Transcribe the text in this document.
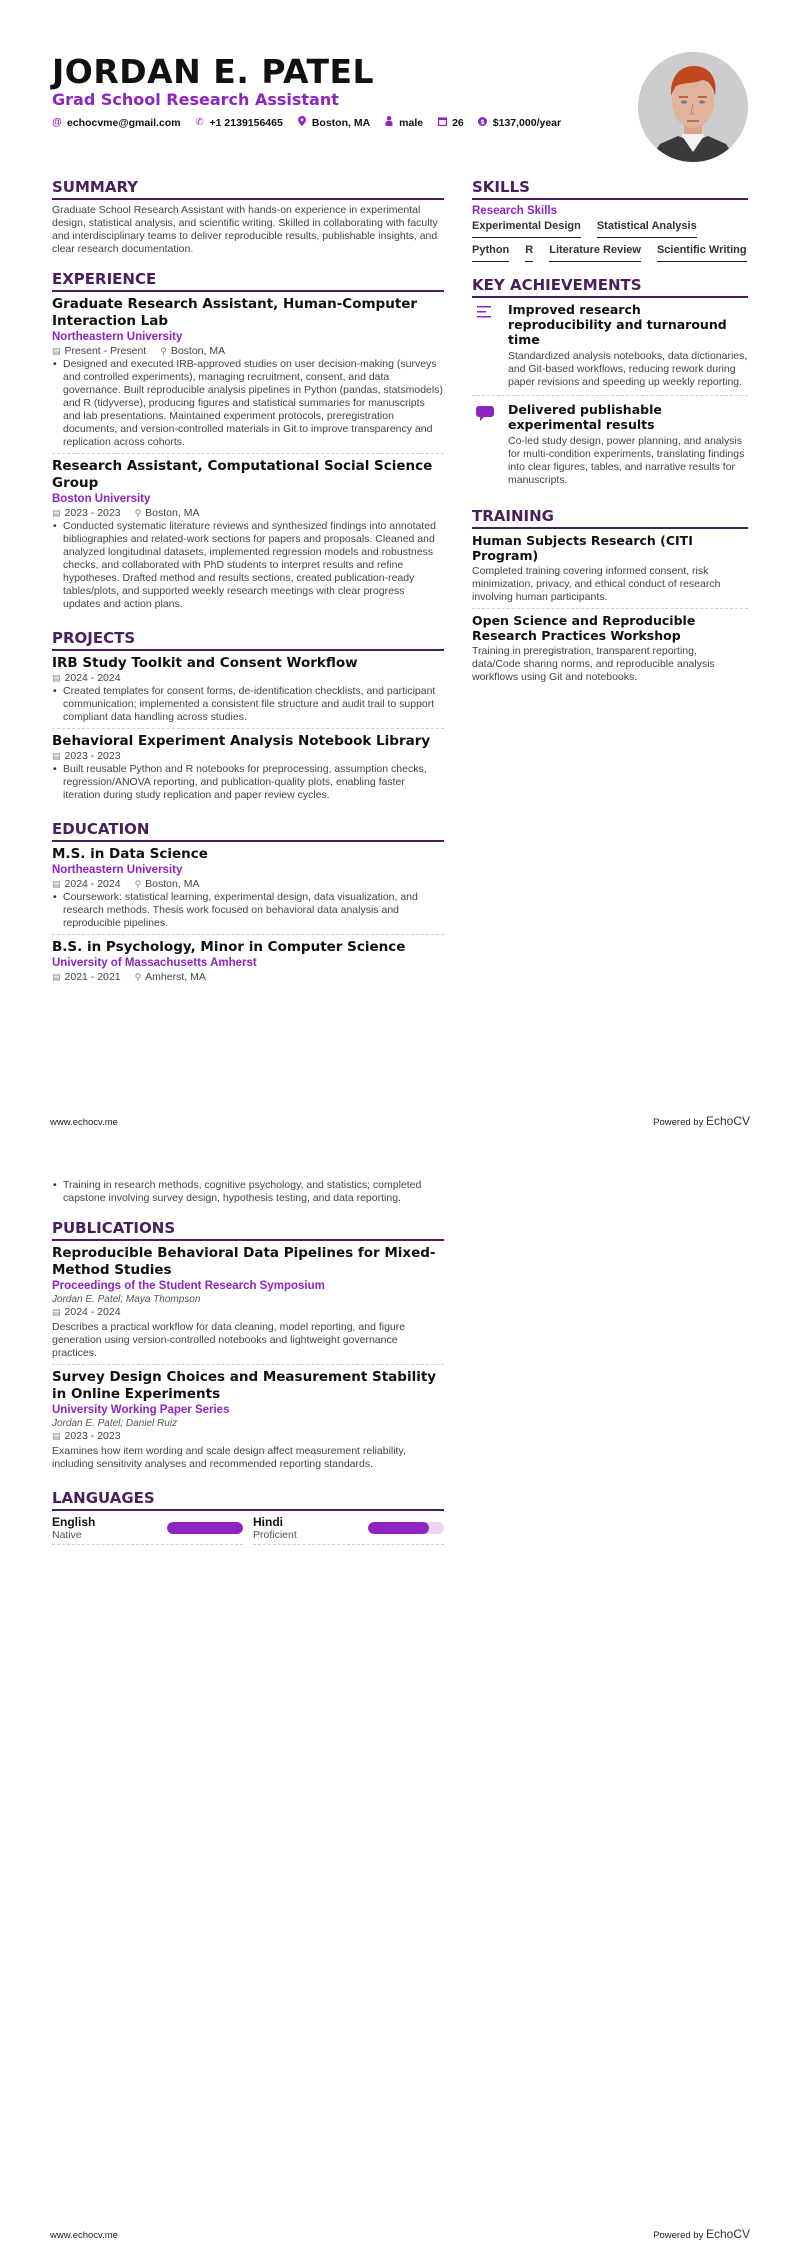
JORDAN E. PATEL
Grad School Research Assistant
@ echocvme@gmail.com ✆ +1 2139156465	Boston, MA	male	26	$ $137,000/year
SUMMARY
Graduate School Research Assistant with hands-on experience in experimental design, statistical analysis, and scientific writing. Skilled in collaborating with faculty and interdisciplinary teams to deliver reproducible results, publishable insights, and clear research documentation.
EXPERIENCE
Graduate Research Assistant, Human-Computer Interaction Lab
Northeastern University
▤ Present - Present ⚲ Boston, MA
• Designed and executed IRB-approved studies on user decision-making (surveys and controlled experiments), managing recruitment, consent, and data governance. Built reproducible analysis pipelines in Python (pandas, statsmodels) and R (tidyverse), producing figures and statistical summaries for manuscripts and lab presentations. Maintained experiment protocols, preregistration documents, and version-controlled materials in Git to improve transparency and replication across cohorts.
Research Assistant, Computational Social Science Group
Boston University
▤ 2023 - 2023 ⚲ Boston, MA
• Conducted systematic literature reviews and synthesized findings into annotated bibliographies and related-work sections for papers and proposals. Cleaned and analyzed longitudinal datasets, implemented regression models and robustness checks, and collaborated with PhD students to interpret results and refine hypotheses. Drafted method and results sections, created publication-ready tables/plots, and supported weekly research meetings with clear progress updates and action plans.
PROJECTS
IRB Study Toolkit and Consent Workflow
▤ 2024 - 2024
• Created templates for consent forms, de-identification checklists, and participant communication; implemented a consistent file structure and audit trail to support compliant data handling across studies.
Behavioral Experiment Analysis Notebook Library
▤ 2023 - 2023
• Built reusable Python and R notebooks for preprocessing, assumption checks, regression/ANOVA reporting, and publication-quality plots, enabling faster iteration during study replication and paper review cycles.
EDUCATION
M.S. in Data Science
Northeastern University
▤ 2024 - 2024 ⚲ Boston, MA
• Coursework: statistical learning, experimental design, data visualization, and research methods. Thesis work focused on behavioral data analysis and reproducible pipelines.
B.S. in Psychology, Minor in Computer Science
University of Massachusetts Amherst
▤ 2021 - 2021 ⚲ Amherst, MA
SKILLS
Research Skills
Experimental Design Statistical Analysis
Python R Literature Review Scientific Writing
KEY ACHIEVEMENTS
Improved research reproducibility and turnaround time
Standardized analysis notebooks, data dictionaries, and Git-based workflows, reducing rework during paper revisions and speeding up weekly reporting.
Delivered publishable experimental results
Co-led study design, power planning, and analysis for multi-condition experiments, translating findings into clear figures, tables, and narrative results for manuscripts.
TRAINING
Human Subjects Research (CITI Program)
Completed training covering informed consent, risk minimization, privacy, and ethical conduct of research involving human participants.
Open Science and Reproducible Research Practices Workshop
Training in preregistration, transparent reporting, data/Code sharing norms, and reproducible analysis workflows using Git and notebooks.
www.echocv.me	Powered by EchoCV
• Training in research methods, cognitive psychology, and statistics; completed capstone involving survey design, hypothesis testing, and data reporting.
PUBLICATIONS
Reproducible Behavioral Data Pipelines for Mixed-Method Studies
Proceedings of the Student Research Symposium
Jordan E. Patel; Maya Thompson
▤ 2024 - 2024
Describes a practical workflow for data cleaning, model reporting, and figure generation using version-controlled notebooks and lightweight governance practices.
Survey Design Choices and Measurement Stability in Online Experiments
University Working Paper Series
Jordan E. Patel; Daniel Ruiz
▤ 2023 - 2023
Examines how item wording and scale design affect measurement reliability, including sensitivity analyses and recommended reporting standards.
LANGUAGES
English
Native
Hindi
Proficient
www.echocv.me	Powered by EchoCV
